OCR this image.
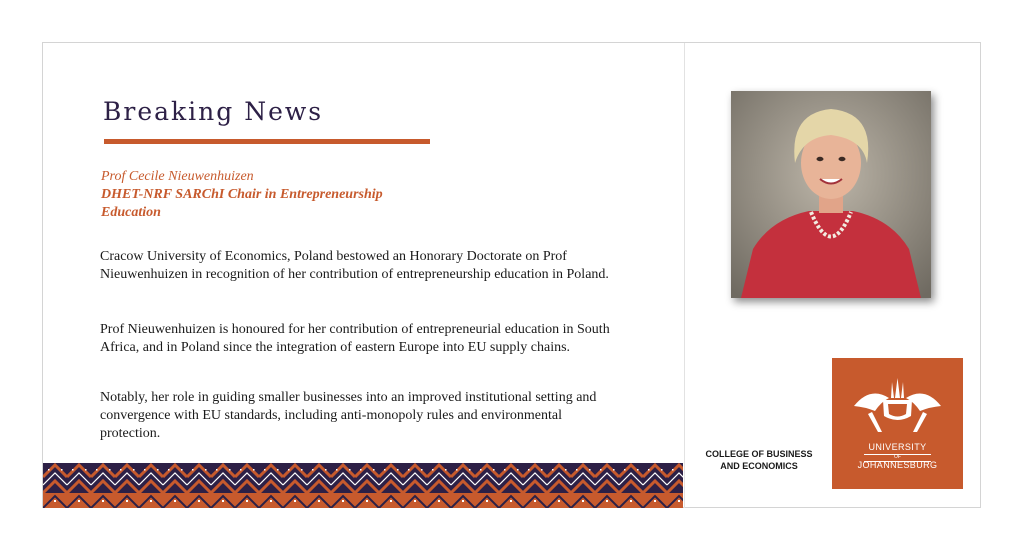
Breaking News
Prof Cecile Nieuwenhuizen
DHET-NRF SARChI Chair in Entrepreneurship
Education
Cracow University of Economics, Poland bestowed an Honorary Doctorate on Prof Nieuwenhuizen in recognition of her contribution of entrepreneurship education in Poland.
Prof Nieuwenhuizen is honoured for her contribution of entrepreneurial education in South Africa, and in Poland since the integration of eastern Europe into EU supply chains.
Notably, her role in guiding smaller businesses into an improved institutional setting and convergence with EU standards, including anti-monopoly rules and environmental protection.
COLLEGE OF BUSINESS
AND ECONOMICS
UNIVERSITY
OF
JOHANNESBURG
